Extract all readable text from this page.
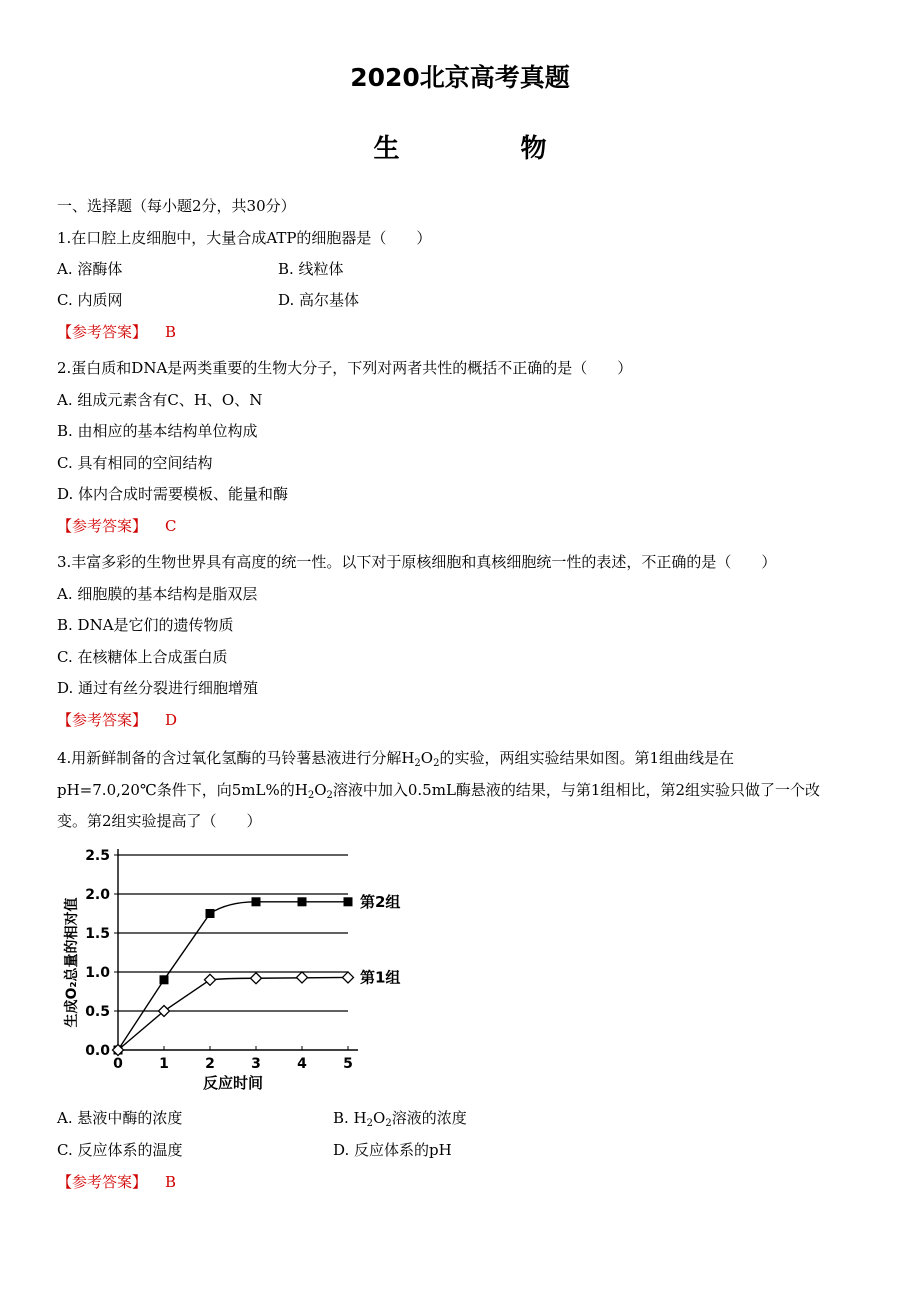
2020北京高考真题
生 物
一、选择题（每小题2分，共30分）
1.在口腔上皮细胞中，大量合成ATP的细胞器是（　　）
A. 溶酶体	B. 线粒体
C. 内质网	D. 高尔基体
【参考答案】 B
2.蛋白质和DNA是两类重要的生物大分子，下列对两者共性的概括不正确的是（　　）
A. 组成元素含有C、H、O、N
B. 由相应的基本结构单位构成
C. 具有相同的空间结构
D. 体内合成时需要模板、能量和酶
【参考答案】 C
3.丰富多彩的生物世界具有高度的统一性。以下对于原核细胞和真核细胞统一性的表述，不正确的是（　　）
A. 细胞膜的基本结构是脂双层
B. DNA是它们的遗传物质
C. 在核糖体上合成蛋白质
D. 通过有丝分裂进行细胞增殖
【参考答案】 D
4.用新鲜制备的含过氧化氢酶的马铃薯悬液进行分解$H_2O_2$的实验，两组实验结果如图。第1组曲线是在
pH=7.0,20℃条件下，向5mL%的$H_2O_2$溶液中加入0.5mL酶悬液的结果，与第1组相比，第2组实验只做了一个改
变。第2组实验提高了（　　）
0.0
0.5
1.0
1.5
2.0
2.5
0	1	2	3	4	5
反应时间
生成O₂总量的相对值	第2组
第1组
A. 悬液中酶的浓度	B. $H_2O_2$溶液的浓度
C. 反应体系的温度	D. 反应体系的pH
【参考答案】 B
